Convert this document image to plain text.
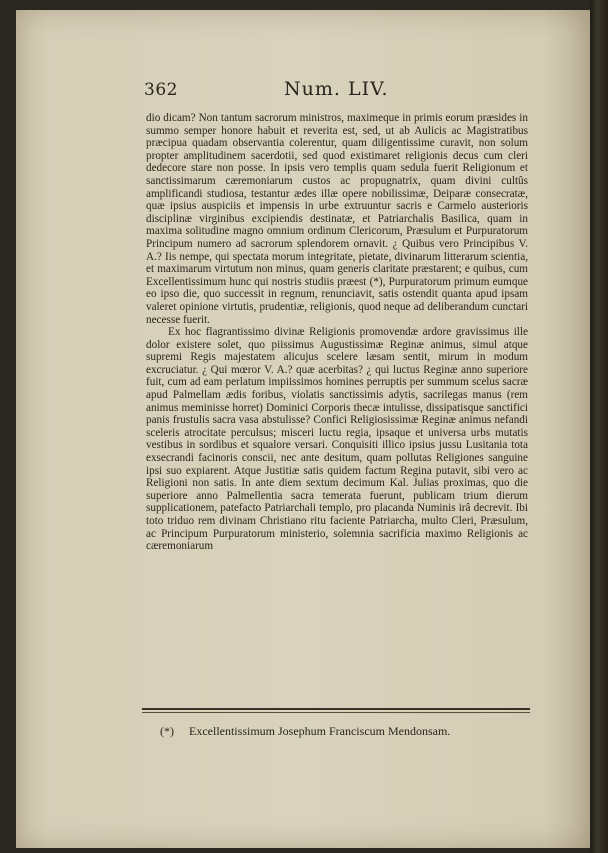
362	Num. LIV.

dio dicam? Non tantum sacrorum ministros, maximeque in primis eorum præsides in summo semper honore habuit et reverita est, sed, ut ab Aulicis ac Magistratibus præcipua quadam observantia colerentur, quam diligentissime curavit, non solum propter amplitudinem sacerdotii, sed quod existimaret religionis decus cum cleri dedecore stare non posse. In ipsis vero templis quam sedula fuerit Religionum et sanctissimarum cæremoniarum custos ac propugnatrix, quam divini cultûs amplificandi studiosa, testantur ædes illæ opere nobilissimæ, Deiparæ consecratæ, quæ ipsius auspiciis et impensis in urbe extruuntur sacris e Carmelo austerioris disciplinæ virginibus excipiendis destinatæ, et Patriarchalis Basilica, quam in maxima solitudine magno omnium ordinum Clericorum, Præsulum et Purpuratorum Principum numero ad sacrorum splendorem ornavit. ¿ Quibus vero Principibus V. A.? Iis nempe, qui spectata morum integritate, pietate, divinarum litterarum scientia, et maximarum virtutum non minus, quam generis claritate præstarent; e quibus, cum Excellentissimum hunc qui nostris studiis præest (*), Purpuratorum primum eumque eo ipso die, quo successit in regnum, renunciavit, satis ostendit quanta apud ipsam valeret opinione virtutis, prudentiæ, religionis, quod neque ad deliberandum cunctari necesse fuerit.

Ex hoc flagrantissimo divinæ Religionis promovendæ ardore gravissimus ille dolor existere solet, quo piissimus Augustissimæ Reginæ animus, simul atque supremi Regis majestatem alicujus scelere læsam sentit, mirum in modum excruciatur. ¿ Qui mœror V. A.? quæ acerbitas? ¿ qui luctus Reginæ anno superiore fuit, cum ad eam perlatum impiissimos homines perruptis per summum scelus sacræ apud Palmellam ædis foribus, violatis sanctissimis adytis, sacrilegas manus (rem animus meminisse horret) Dominici Corporis thecæ intulisse, dissipatisque sanctifici panis frustulis sacra vasa abstulisse? Confici Religiosissimæ Reginæ animus nefandi sceleris atrocitate perculsus; misceri luctu regia, ipsaque et universa urbs mutatis vestibus in sordibus et squalore versari. Conquisiti illico ipsius jussu Lusitania tota exsecrandi facinoris conscii, nec ante desitum, quam pollutas Religiones sanguine ipsi suo expiarent. Atque Justitiæ satis quidem factum Regina putavit, sibi vero ac Religioni non satis. In ante diem sextum decimum Kal. Julias proximas, quo die superiore anno Palmellentia sacra temerata fuerunt, publicam trium dierum supplicationem, patefacto Patriarchali templo, pro placanda Numinis irâ decrevit. Ibi toto triduo rem divinam Christiano ritu faciente Patriarcha, multo Cleri, Præsulum, ac Principum Purpuratorum ministerio, solemnia sacrificia maximo Religionis ac cæremoniarum

(*) Excellentissimum Josephum Franciscum Mendonsam.
